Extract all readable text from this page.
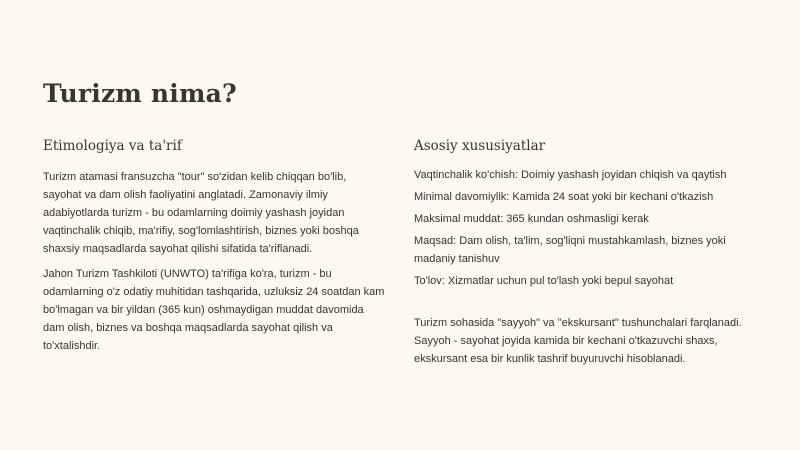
Turizm nima?
Etimologiya va ta'rif

Turizm atamasi fransuzcha "tour" so'zidan kelib chiqqan bo'lib, sayohat va dam olish faoliyatini anglatadi. Zamonaviy ilmiy adabiyotlarda turizm - bu odamlarning doimiy yashash joyidan vaqtinchalik chiqib, ma'rifiy, sog'lomlashtirish, biznes yoki boshqa shaxsiy maqsadlarda sayohat qilishi sifatida ta'riflanadi.

Jahon Turizm Tashkiloti (UNWTO) ta'rifiga ko'ra, turizm - bu odamlarning o'z odatiy muhitidan tashqarida, uzluksiz 24 soatdan kam bo'lmagan va bir yildan (365 kun) oshmaydigan muddat davomida dam olish, biznes va boshqa maqsadlarda sayohat qilish va to'xtalishdir.

Asosiy xususiyatlar
Vaqtinchalik ko'chish: Doimiy yashash joyidan chiqish va qaytish
Minimal davomiylik: Kamida 24 soat yoki bir kechani o'tkazish
Maksimal muddat: 365 kundan oshmasligi kerak
Maqsad: Dam olish, ta'lim, sog'liqni mustahkamlash, biznes yoki madaniy tanishuv
To'lov: Xizmatlar uchun pul to'lash yoki bepul sayohat

Turizm sohasida "sayyoh" va "ekskursant" tushunchalari farqlanadi. Sayyoh - sayohat joyida kamida bir kechani o'tkazuvchi shaxs, ekskursant esa bir kunlik tashrif buyuruvchi hisoblanadi.
